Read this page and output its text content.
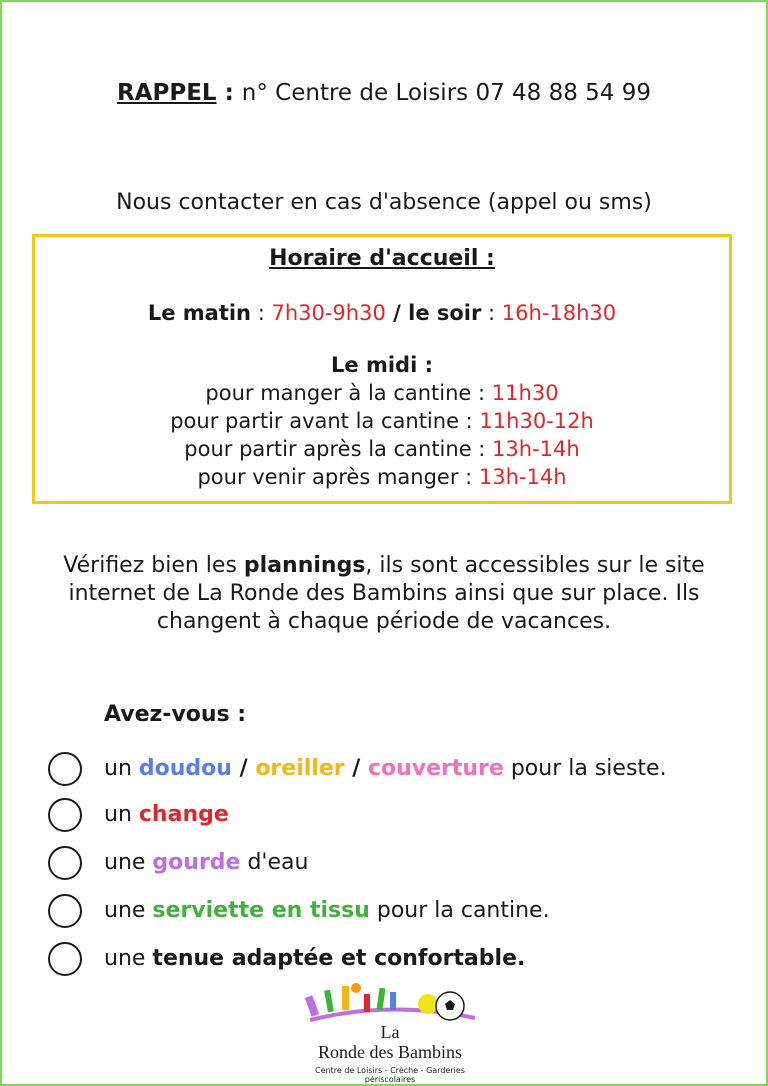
RAPPEL : n° Centre de Loisirs 07 48 88 54 99
Nous contacter en cas d'absence (appel ou sms)
Horaire d'accueil :
Le matin : 7h30-9h30 / le soir : 16h-18h30
Le midi :
pour manger à la cantine : 11h30
pour partir avant la cantine : 11h30-12h
pour partir après la cantine : 13h-14h
pour venir après manger : 13h-14h
Vérifiez bien les plannings, ils sont accessibles sur le site internet de La Ronde des Bambins ainsi que sur place. Ils changent à chaque période de vacances.
Avez-vous :
un doudou / oreiller / couverture pour la sieste.
un change
une gourde d'eau
une serviette en tissu pour la cantine.
une tenue adaptée et confortable.
La
Ronde des Bambins
Centre de Loisirs - Crèche - Garderies périscolaires
